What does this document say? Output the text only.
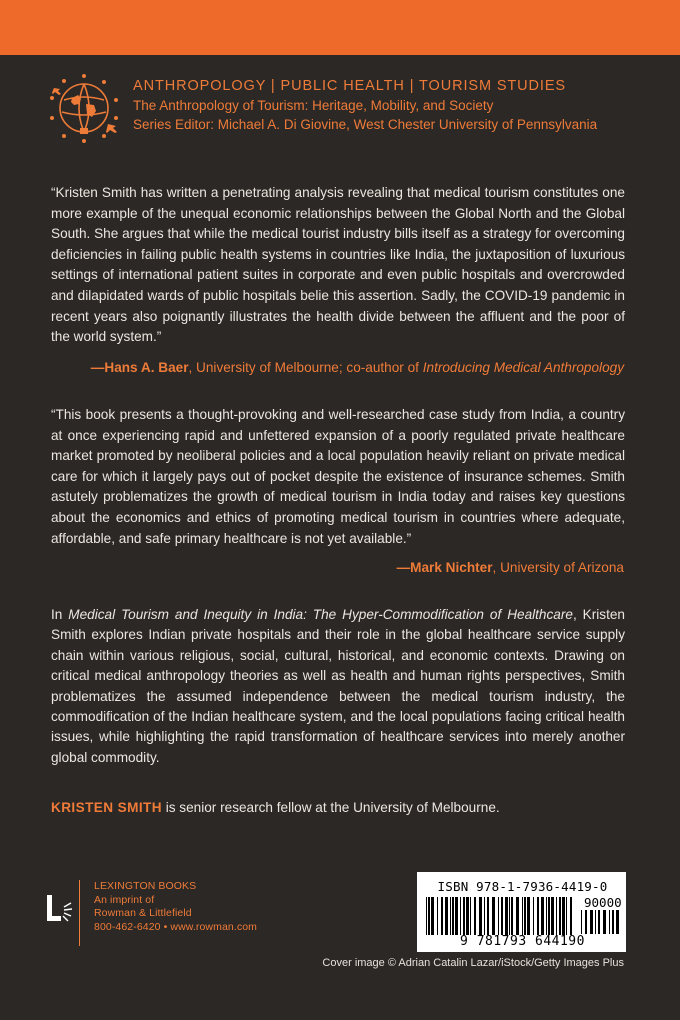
ANTHROPOLOGY | PUBLIC HEALTH | TOURISM STUDIES
The Anthropology of Tourism: Heritage, Mobility, and Society
Series Editor: Michael A. Di Giovine, West Chester University of Pennsylvania

“Kristen Smith has written a penetrating analysis revealing that medical tourism constitutes one more example of the unequal economic relationships between the Global North and the Global South. She argues that while the medical tourist industry bills itself as a strategy for overcoming deficiencies in failing public health systems in countries like India, the juxtaposition of luxurious settings of international patient suites in corporate and even public hospitals and overcrowded and dilapidated wards of public hospitals belie this assertion. Sadly, the COVID-19 pandemic in recent years also poignantly illustrates the health divide between the affluent and the poor of the world system.”

—Hans A. Baer, University of Melbourne; co-author of Introducing Medical Anthropology

“This book presents a thought-provoking and well-researched case study from India, a country at once experiencing rapid and unfettered expansion of a poorly regulated private healthcare market promoted by neoliberal policies and a local population heavily reliant on private medical care for which it largely pays out of pocket despite the existence of insurance schemes. Smith astutely problematizes the growth of medical tourism in India today and raises key questions about the economics and ethics of promoting medical tourism in countries where adequate, affordable, and safe primary healthcare is not yet available.”

—Mark Nichter, University of Arizona

In Medical Tourism and Inequity in India: The Hyper-Commodification of Healthcare, Kristen Smith explores Indian private hospitals and their role in the global healthcare service supply chain within various religious, social, cultural, historical, and economic contexts. Drawing on critical medical anthropology theories as well as health and human rights perspectives, Smith problematizes the assumed independence between the medical tourism industry, the commodification of the Indian healthcare system, and the local populations facing critical health issues, while highlighting the rapid transformation of healthcare services into merely another global commodity.

KRISTEN SMITH is senior research fellow at the University of Melbourne.

LEXINGTON BOOKS
An imprint of
Rowman & Littlefield
800-462-6420 • www.rowman.com
ISBN 978-1-7936-4419-0
90000
9 781793 644190
Cover image © Adrian Catalin Lazar/iStock/Getty Images Plus
